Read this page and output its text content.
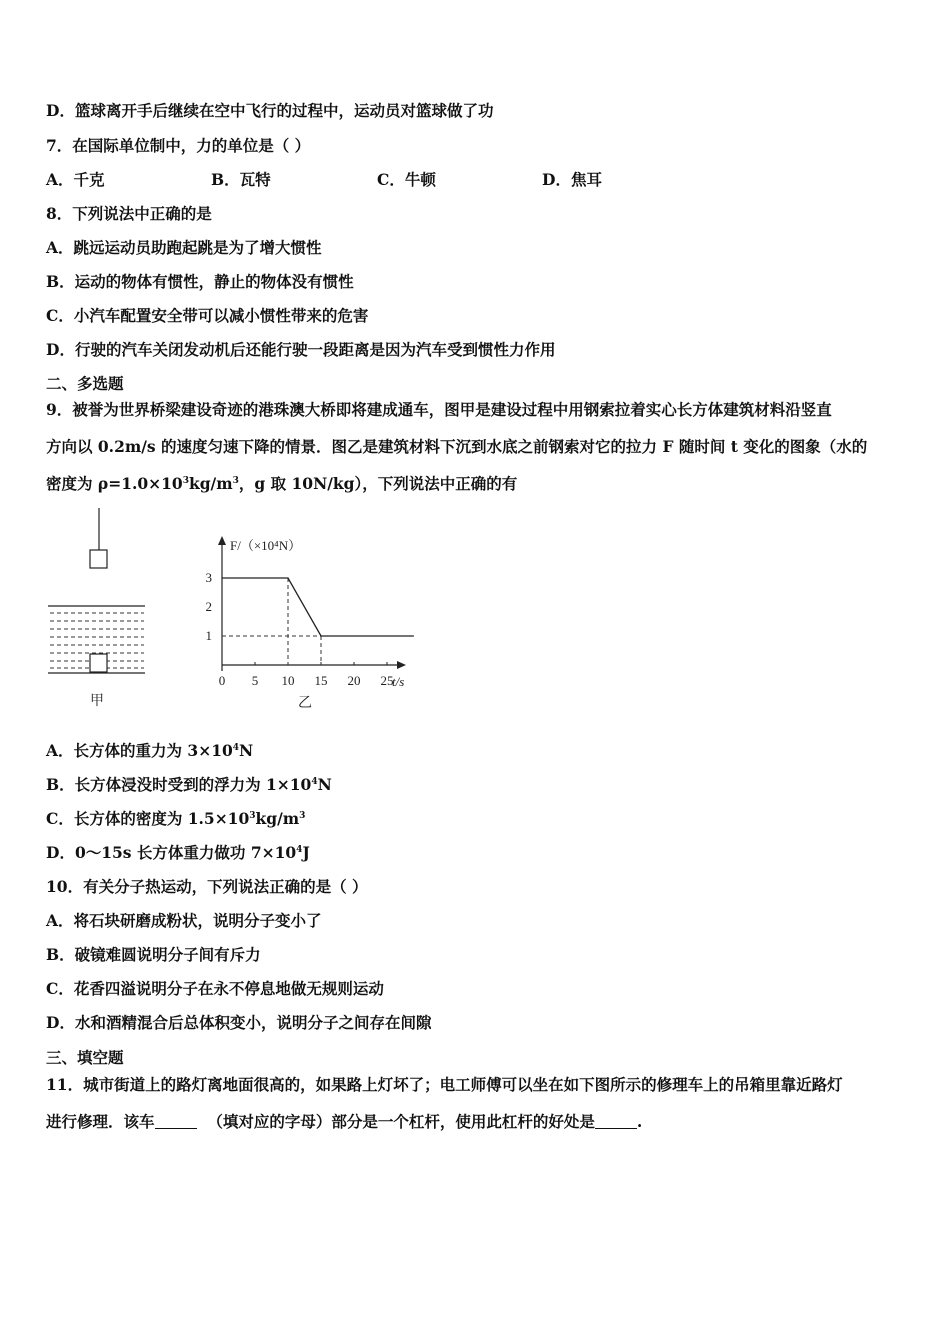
D．篮球离开手后继续在空中飞行的过程中，运动员对篮球做了功
7．在国际单位制中，力的单位是（ ）
A．千克	B．瓦特	C．牛顿	D．焦耳
8．下列说法中正确的是
A．跳远运动员助跑起跳是为了增大惯性
B．运动的物体有惯性，静止的物体没有惯性
C．小汽车配置安全带可以减小惯性带来的危害
D．行驶的汽车关闭发动机后还能行驶一段距离是因为汽车受到惯性力作用
二、多选题
9．被誉为世界桥梁建设奇迹的港珠澳大桥即将建成通车，图甲是建设过程中用钢索拉着实心长方体建筑材料沿竖直
方向以 0.2m/s 的速度匀速下降的情景．图乙是建筑材料下沉到水底之前钢索对它的拉力 F 随时间 t 变化的图象（水的
密度为 $\rho=1.0\times 10^3kg/m^3$，g 取 10N/kg），下列说法中正确的有
甲
F/（×10⁴N）
t/s
乙
0 5 10 15 20 25
1
2
3
A．长方体的重力为 $3\times 10^4N$
B．长方体浸没时受到的浮力为 $1\times 10^4N$
C．长方体的密度为 $1.5\times 10^3kg/m^3$
D．0～15s 长方体重力做功 $7\times 10^4J$
10．有关分子热运动，下列说法正确的是（ ）
A．将石块研磨成粉状，说明分子变小了
B．破镜难圆说明分子间有斥力
C．花香四溢说明分子在永不停息地做无规则运动
D．水和酒精混合后总体积变小，说明分子之间存在间隙
三、填空题
11．城市街道上的路灯离地面很高的，如果路上灯坏了；电工师傅可以坐在如下图所示的修理车上的吊箱里靠近路灯
进行修理．该车	（填对应的字母）部分是一个杠杆，使用此杠杆的好处是	.
